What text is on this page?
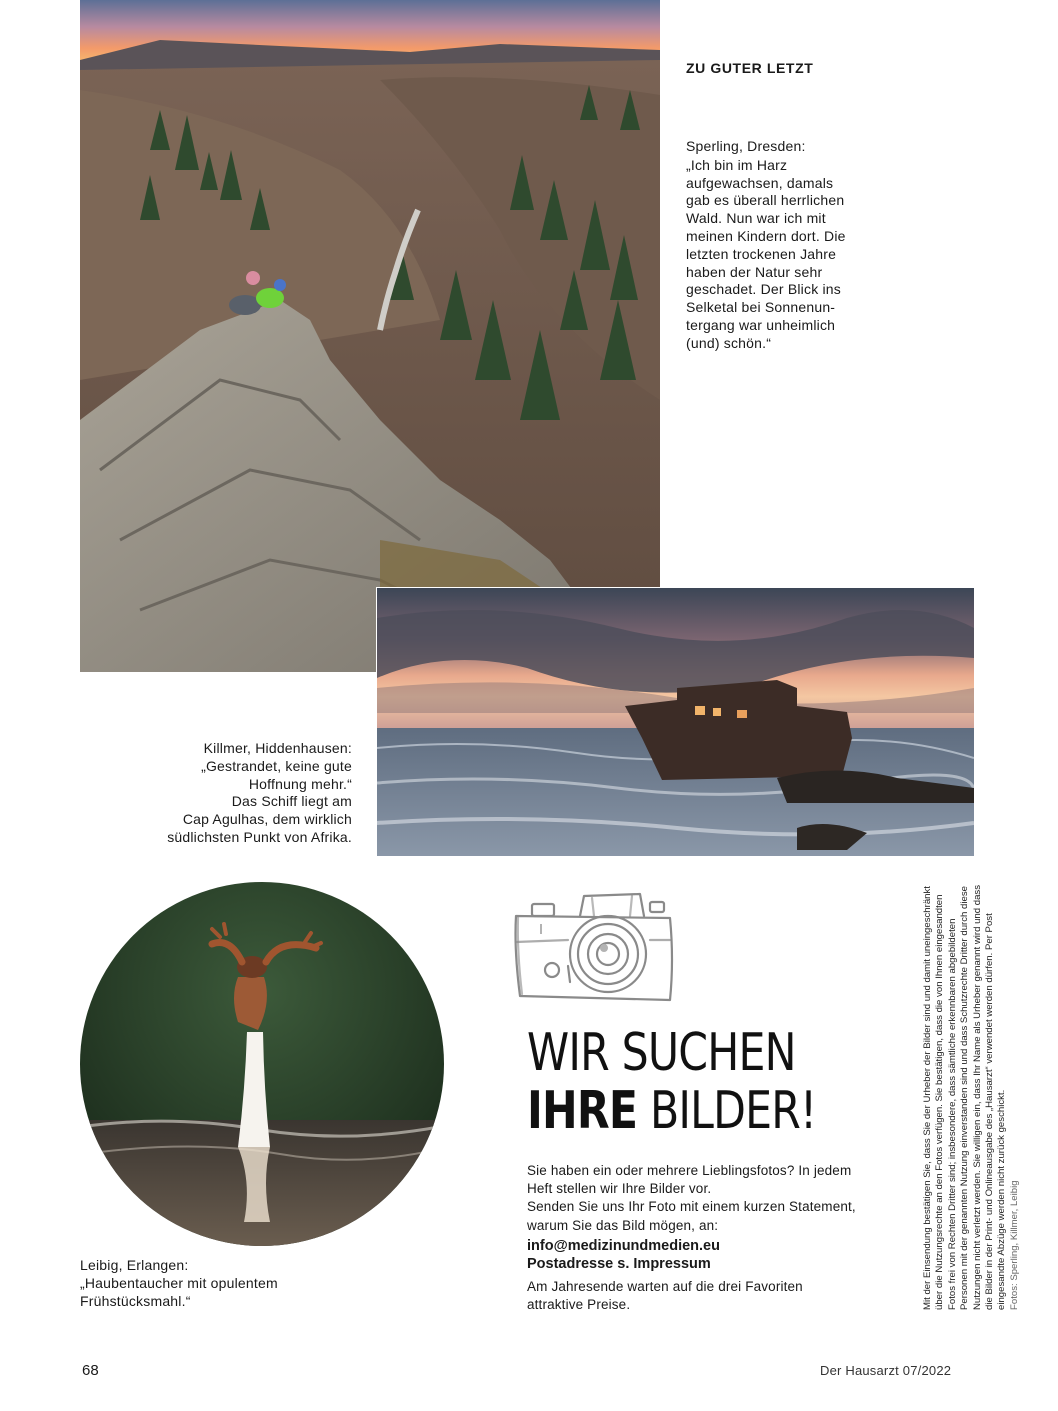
ZU GUTER LETZT
Sperling, Dresden:
„Ich bin im Harz
aufgewachsen, damals
gab es überall herrlichen
Wald. Nun war ich mit
meinen Kindern dort. Die
letzten trockenen Jahre
haben der Natur sehr
geschadet. Der Blick ins
Selketal bei Sonnenun-
tergang war unheimlich
(und) schön.“
Killmer, Hiddenhausen:
„Gestrandet, keine gute
Hoffnung mehr.“
Das Schiff liegt am
Cap Agulhas, dem wirklich
südlichsten Punkt von Afrika.
Leibig, Erlangen:
„Haubentaucher mit opulentem
Frühstücksmahl.“
WIR SUCHEN
IHRE BILDER!
Sie haben ein oder mehrere Lieblingsfotos? In jedem
Heft stellen wir Ihre Bilder vor.
Senden Sie uns Ihr Foto mit einem kurzen Statement,
warum Sie das Bild mögen, an:
info@medizinundmedien.eu
Postadresse s. Impressum
Am Jahresende warten auf die drei Favoriten
attraktive Preise.	Mit der Einsendung bestätigen Sie, dass Sie der Urheber der Bilder sind und damit uneingeschränkt über die Nutzungsrechte an den Fotos verfügen. Sie bestätigen, dass die von Ihnen eingesandten Fotos frei von Rechten Dritter sind; insbesondere, dass sämtliche erkennbaren abgebildeten Personen mit der genannten Nutzung einverstanden sind und dass Schutzrechte Dritter durch diese Nutzungen nicht verletzt werden. Sie willigen ein, dass Ihr Name als Urheber genannt wird und dass die Bilder in der Print- und Onlineausgabe des „Hausarzt“ verwendet werden dürfen. Per Post eingesandte Abzüge werden nicht zurück geschickt. Fotos: Sperling, Killmer, Leibig
68	Der Hausarzt 07/2022
